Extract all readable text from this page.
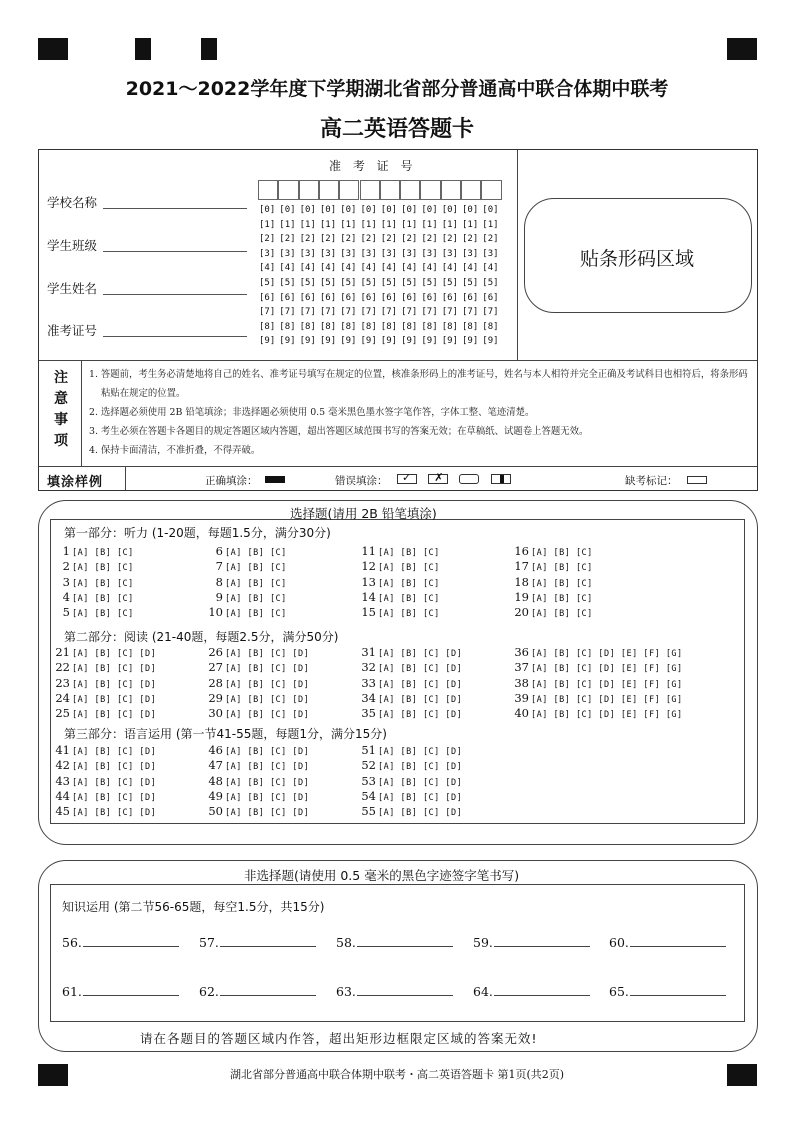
2021～2022学年度下学期湖北省部分普通高中联合体期中联考
高二英语答题卡
学校名称
学生班级
学生姓名
准考证号
准 考 证 号
[0] [0] [0] [0] [0] [0] [0] [0] [0] [0] [0] [0]
[1] [1] [1] [1] [1] [1] [1] [1] [1] [1] [1] [1]
[2] [2] [2] [2] [2] [2] [2] [2] [2] [2] [2] [2]
[3] [3] [3] [3] [3] [3] [3] [3] [3] [3] [3] [3]
[4] [4] [4] [4] [4] [4] [4] [4] [4] [4] [4] [4]
[5] [5] [5] [5] [5] [5] [5] [5] [5] [5] [5] [5]
[6] [6] [6] [6] [6] [6] [6] [6] [6] [6] [6] [6]
[7] [7] [7] [7] [7] [7] [7] [7] [7] [7] [7] [7]
[8] [8] [8] [8] [8] [8] [8] [8] [8] [8] [8] [8]
[9] [9] [9] [9] [9] [9] [9] [9] [9] [9] [9] [9]
贴条形码区域
注
意
事
项
1. 答题前，考生务必清楚地将自己的姓名、准考证号填写在规定的位置，核准条形码上的准考证号，姓名与本人相符并完全正确及考试科目也相符后，将条形码粘贴在规定的位置。
2. 选择题必须使用 2B 铅笔填涂；非选择题必须使用 0.5 毫米黑色墨水签字笔作答，字体工整、笔迹清楚。
3. 考生必须在答题卡各题目的规定答题区域内答题，超出答题区域范围书写的答案无效；在草稿纸、试题卷上答题无效。
4. 保持卡面清洁，不准折叠，不得弄破。
填涂样例	正确填涂：	错误填涂： ✓
✗
	缺考标记：
选择题(请用 2B 铅笔填涂)
第一部分：听力 (1-20题，每题1.5分，满分30分)
1 [A] [B] [C]
2 [A] [B] [C]
3 [A] [B] [C]
4 [A] [B] [C]
5 [A] [B] [C]
6 [A] [B] [C]
7 [A] [B] [C]
8 [A] [B] [C]
9 [A] [B] [C]
10 [A] [B] [C]
11 [A] [B] [C]
12 [A] [B] [C]
13 [A] [B] [C]
14 [A] [B] [C]
15 [A] [B] [C]
16 [A] [B] [C]
17 [A] [B] [C]
18 [A] [B] [C]
19 [A] [B] [C]
20 [A] [B] [C]
第二部分：阅读 (21-40题，每题2.5分，满分50分)
21 [A] [B] [C] [D]
22 [A] [B] [C] [D]
23 [A] [B] [C] [D]
24 [A] [B] [C] [D]
25 [A] [B] [C] [D]
26 [A] [B] [C] [D]
27 [A] [B] [C] [D]
28 [A] [B] [C] [D]
29 [A] [B] [C] [D]
30 [A] [B] [C] [D]
31 [A] [B] [C] [D]
32 [A] [B] [C] [D]
33 [A] [B] [C] [D]
34 [A] [B] [C] [D]
35 [A] [B] [C] [D]
36 [A] [B] [C] [D] [E] [F] [G]
37 [A] [B] [C] [D] [E] [F] [G]
38 [A] [B] [C] [D] [E] [F] [G]
39 [A] [B] [C] [D] [E] [F] [G]
40 [A] [B] [C] [D] [E] [F] [G]
第三部分：语言运用 (第一节41-55题，每题1分，满分15分)
41 [A] [B] [C] [D]
42 [A] [B] [C] [D]
43 [A] [B] [C] [D]
44 [A] [B] [C] [D]
45 [A] [B] [C] [D]
46 [A] [B] [C] [D]
47 [A] [B] [C] [D]
48 [A] [B] [C] [D]
49 [A] [B] [C] [D]
50 [A] [B] [C] [D]
51 [A] [B] [C] [D]
52 [A] [B] [C] [D]
53 [A] [B] [C] [D]
54 [A] [B] [C] [D]
55 [A] [B] [C] [D]
非选择题(请使用 0.5 毫米的黑色字迹签字笔书写)
知识运用 (第二节56-65题，每空1.5分，共15分)
56.	57.	58.	59.	60.
61.	62.	63.	64.	65.
请在各题目的答题区域内作答，超出矩形边框限定区域的答案无效!
湖北省部分普通高中联合体期中联考・高二英语答题卡 第1页(共2页)
